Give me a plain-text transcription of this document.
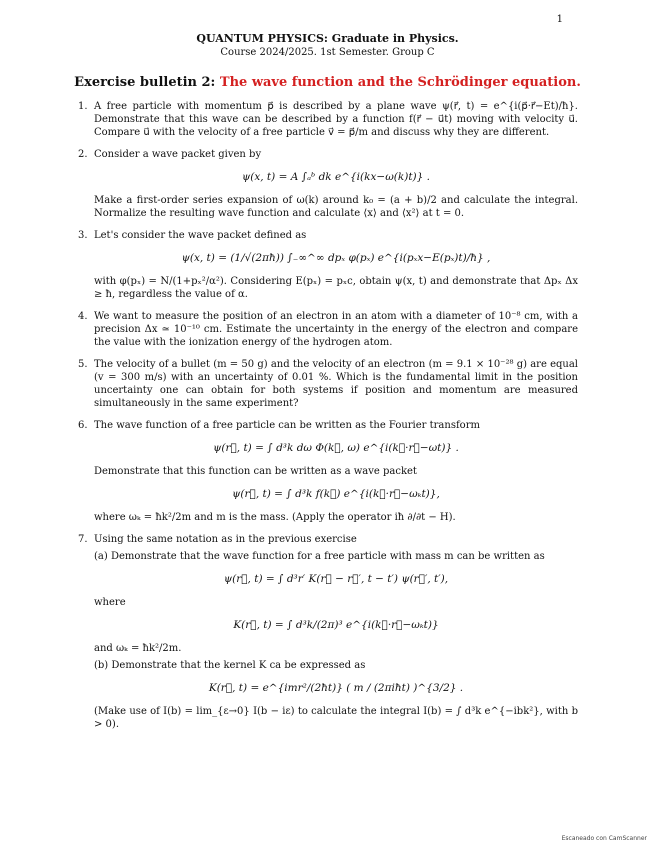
1
QUANTUM PHYSICS: Graduate in Physics.
Course 2024/2025. 1st Semester. Group C
Exercise bulletin 2: The wave function and the Schrödinger equation.
1. A free particle with momentum p⃗ is described by a plane wave ψ(r⃗, t) = e^{i(p⃗·r⃗−Et)/ħ}. Demonstrate that this wave can be described by a function f(r⃗ − u⃗t) moving with velocity u⃗. Compare u⃗ with the velocity of a free particle v⃗ = p⃗/m and discuss why they are different.

2. Consider a wave packet given by

ψ(x, t) = A ∫ₐᵇ dk e^{i(kx−ω(k)t)} .

Make a first-order series expansion of ω(k) around k₀ = (a + b)/2 and calculate the integral. Normalize the resulting wave function and calculate ⟨x⟩ and ⟨x²⟩ at t = 0.

3. Let's consider the wave packet defined as

ψ(x, t) = (1/√(2πħ)) ∫₋∞^∞ dpₓ φ(pₓ) e^{i(pₓx−E(pₓ)t)/ħ} ,

with φ(pₓ) = N/(1+pₓ²/α²). Considering E(pₓ) = pₓc, obtain ψ(x, t) and demonstrate that Δpₓ Δx ≥ ħ, regardless the value of α.

4. We want to measure the position of an electron in an atom with a diameter of 10⁻⁸ cm, with a precision Δx ≃ 10⁻¹⁰ cm. Estimate the uncertainty in the energy of the electron and compare the value with the ionization energy of the hydrogen atom.

5. The velocity of a bullet (m = 50 g) and the velocity of an electron (m = 9.1 × 10⁻²⁸ g) are equal (v = 300 m/s) with an uncertainty of 0.01 %. Which is the fundamental limit in the position uncertainty one can obtain for both systems if position and momentum are measured simultaneously in the same experiment?

6. The wave function of a free particle can be written as the Fourier transform

ψ(r⃗, t) = ∫ d³k dω Φ(k⃗, ω) e^{i(k⃗·r⃗−ωt)} .

Demonstrate that this function can be written as a wave packet

ψ(r⃗, t) = ∫ d³k f(k⃗) e^{i(k⃗·r⃗−ωₖt)},

where ωₖ = ħk²/2m and m is the mass. (Apply the operator iħ ∂/∂t − H).

7. Using the same notation as in the previous exercise

(a) Demonstrate that the wave function for a free particle with mass m can be written as

ψ(r⃗, t) = ∫ d³r′ K(r⃗ − r⃗′, t − t′) ψ(r⃗′, t′),

where

K(r⃗, t) = ∫ d³k/(2π)³ e^{i(k⃗·r⃗−ωₖt)}

and ωₖ = ħk²/2m.

(b) Demonstrate that the kernel K ca be expressed as

K(r⃗, t) = e^{imr²/(2ħt)} ( m / (2πiħt) )^{3/2} .

(Make use of I(b) = lim_{ε→0} I(b − iε) to calculate the integral I(b) = ∫ d³k e^{−ibk²}, with b > 0).

Escaneado con CamScanner
